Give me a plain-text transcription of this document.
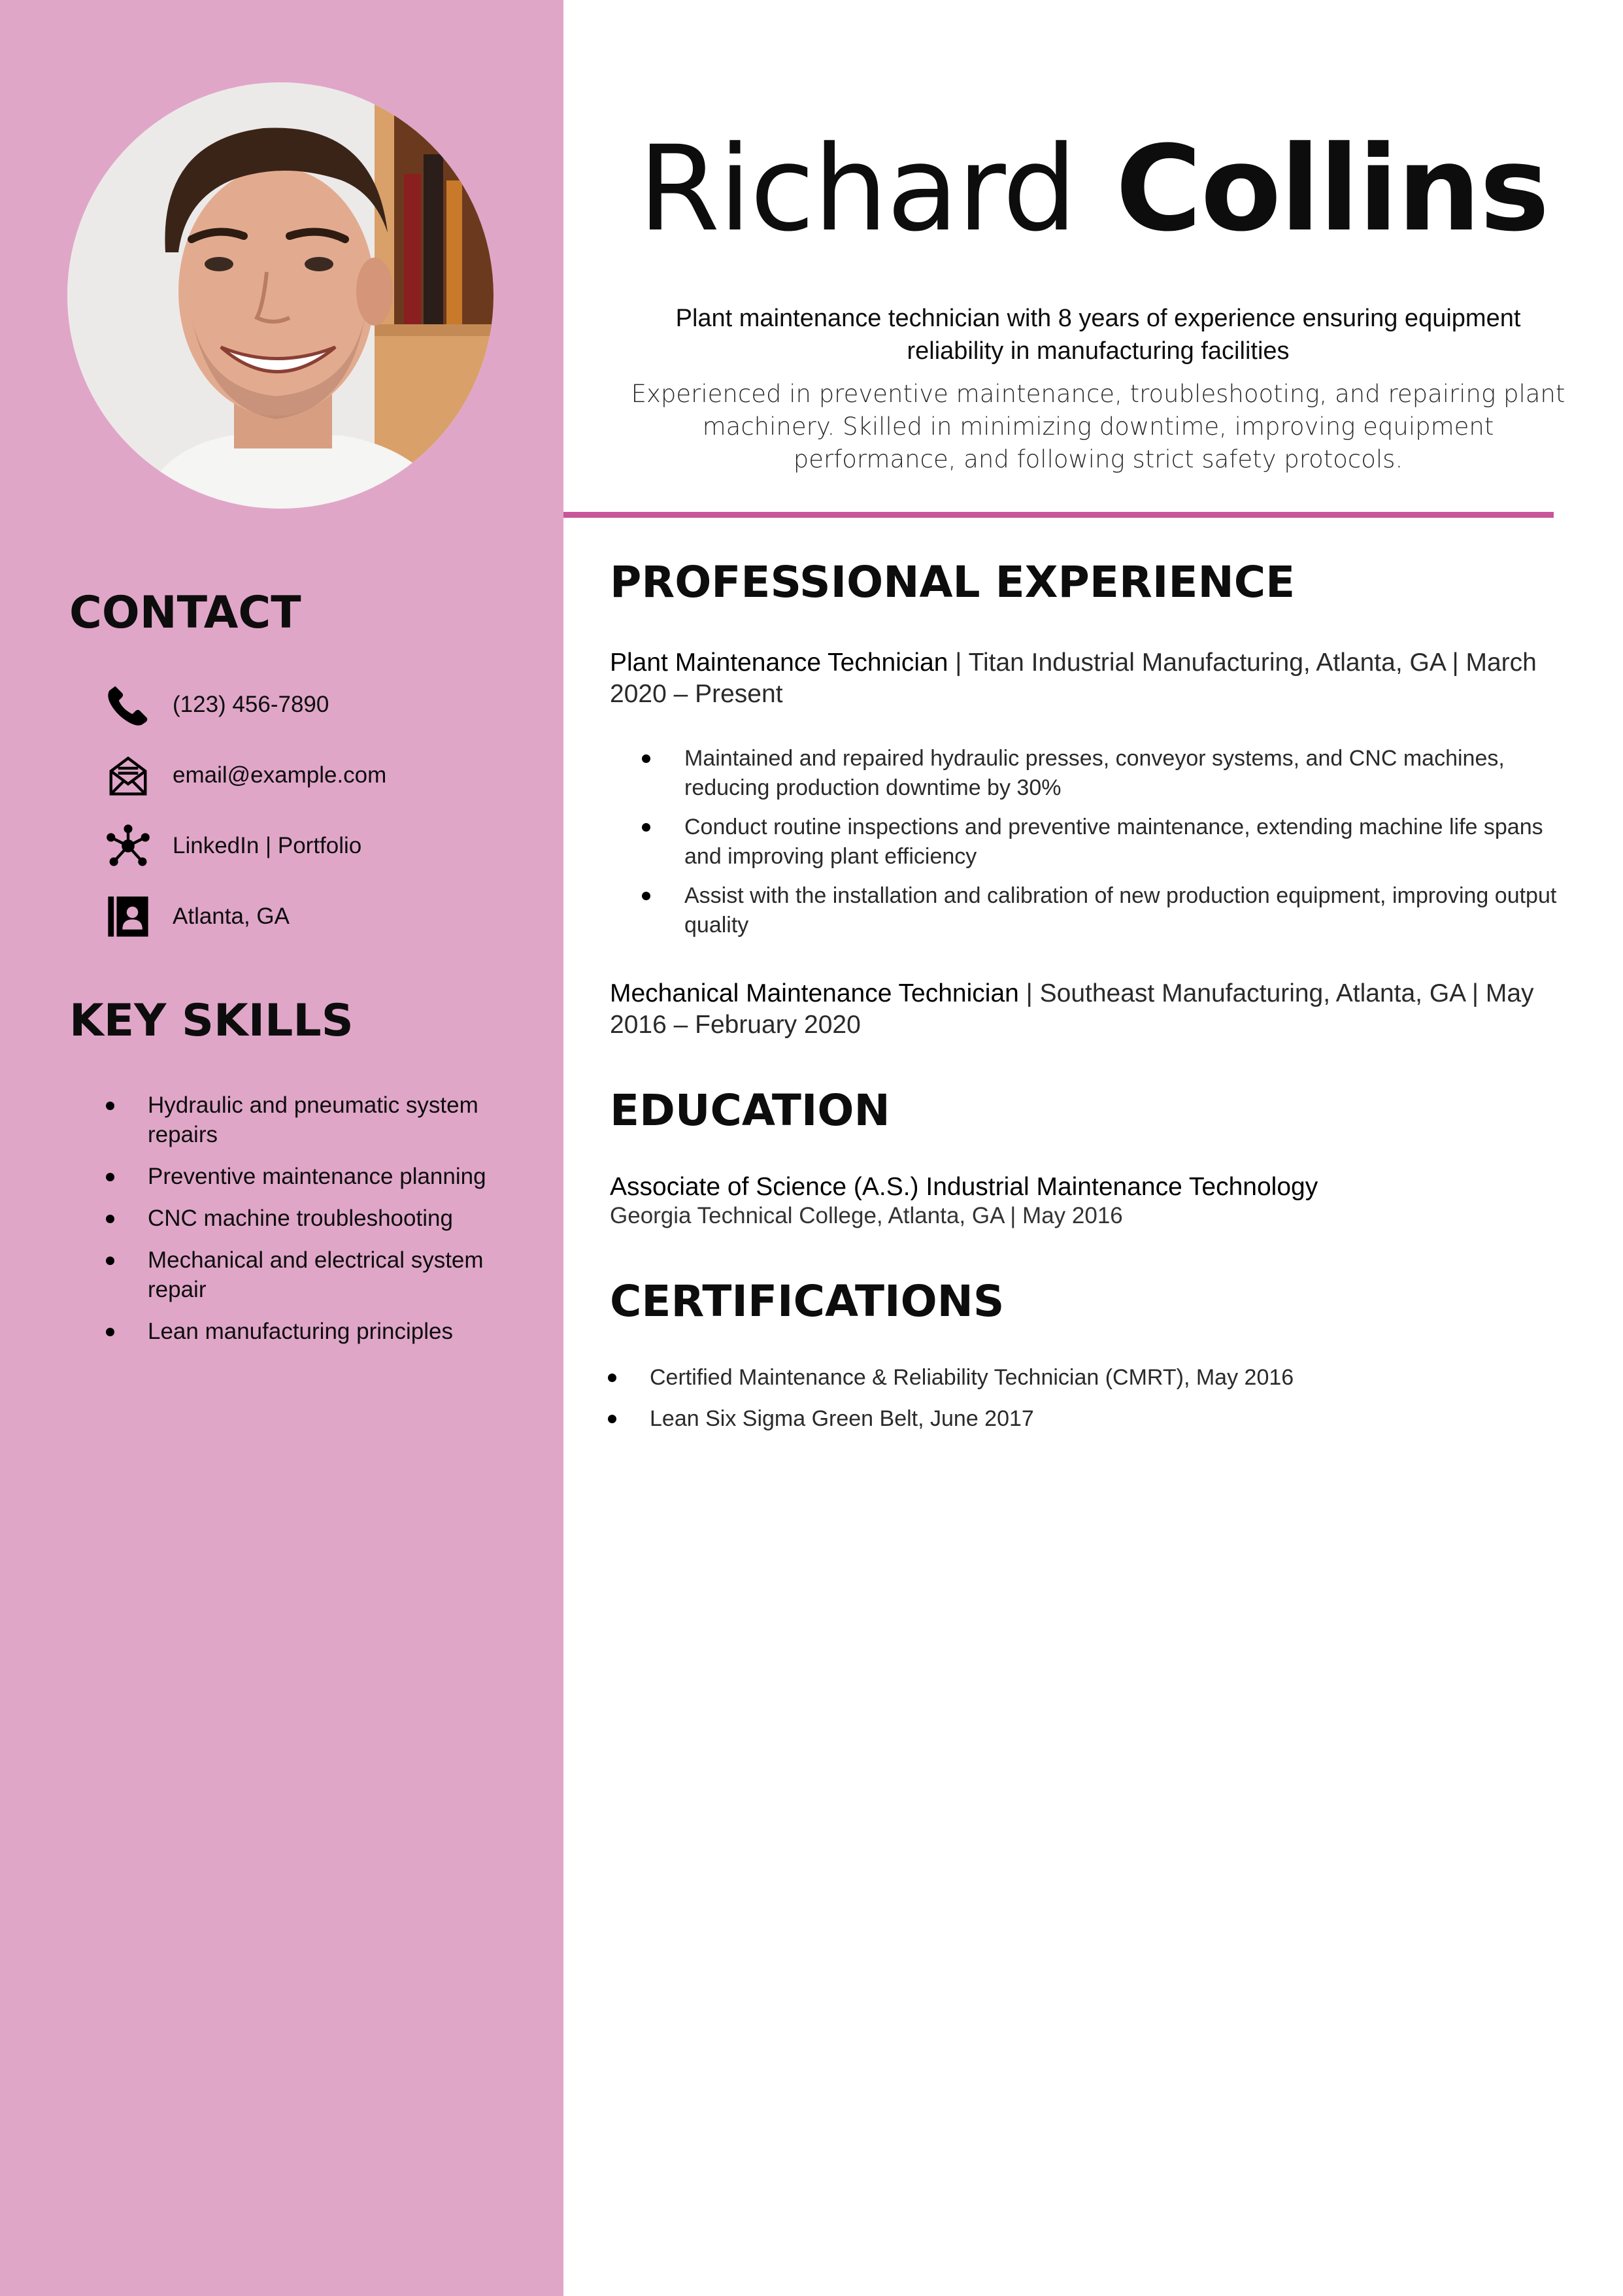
CONTACT
(123) 456-7890
email@example.com
LinkedIn | Portfolio
Atlanta, GA
KEY SKILLS
Hydraulic and pneumatic system repairs
Preventive maintenance planning
CNC machine troubleshooting
Mechanical and electrical system repair
Lean manufacturing principles
Richard Collins

Plant maintenance technician with 8 years of experience ensuring equipment reliability in manufacturing facilities

Experienced in preventive maintenance, troubleshooting, and repairing plant machinery. Skilled in minimizing downtime, improving equipment performance, and following strict safety protocols.

PROFESSIONAL EXPERIENCE

Plant Maintenance Technician | Titan Industrial Manufacturing, Atlanta, GA | March 2020 – Present

Maintained and repaired hydraulic presses, conveyor systems, and CNC machines, reducing production downtime by 30%
Conduct routine inspections and preventive maintenance, extending machine life spans and improving plant efficiency
Assist with the installation and calibration of new production equipment, improving output quality

Mechanical Maintenance Technician | Southeast Manufacturing, Atlanta, GA | May 2016 – February 2020

EDUCATION

Associate of Science (A.S.) Industrial Maintenance Technology

Georgia Technical College, Atlanta, GA | May 2016

CERTIFICATIONS
Certified Maintenance & Reliability Technician (CMRT), May 2016
Lean Six Sigma Green Belt, June 2017
